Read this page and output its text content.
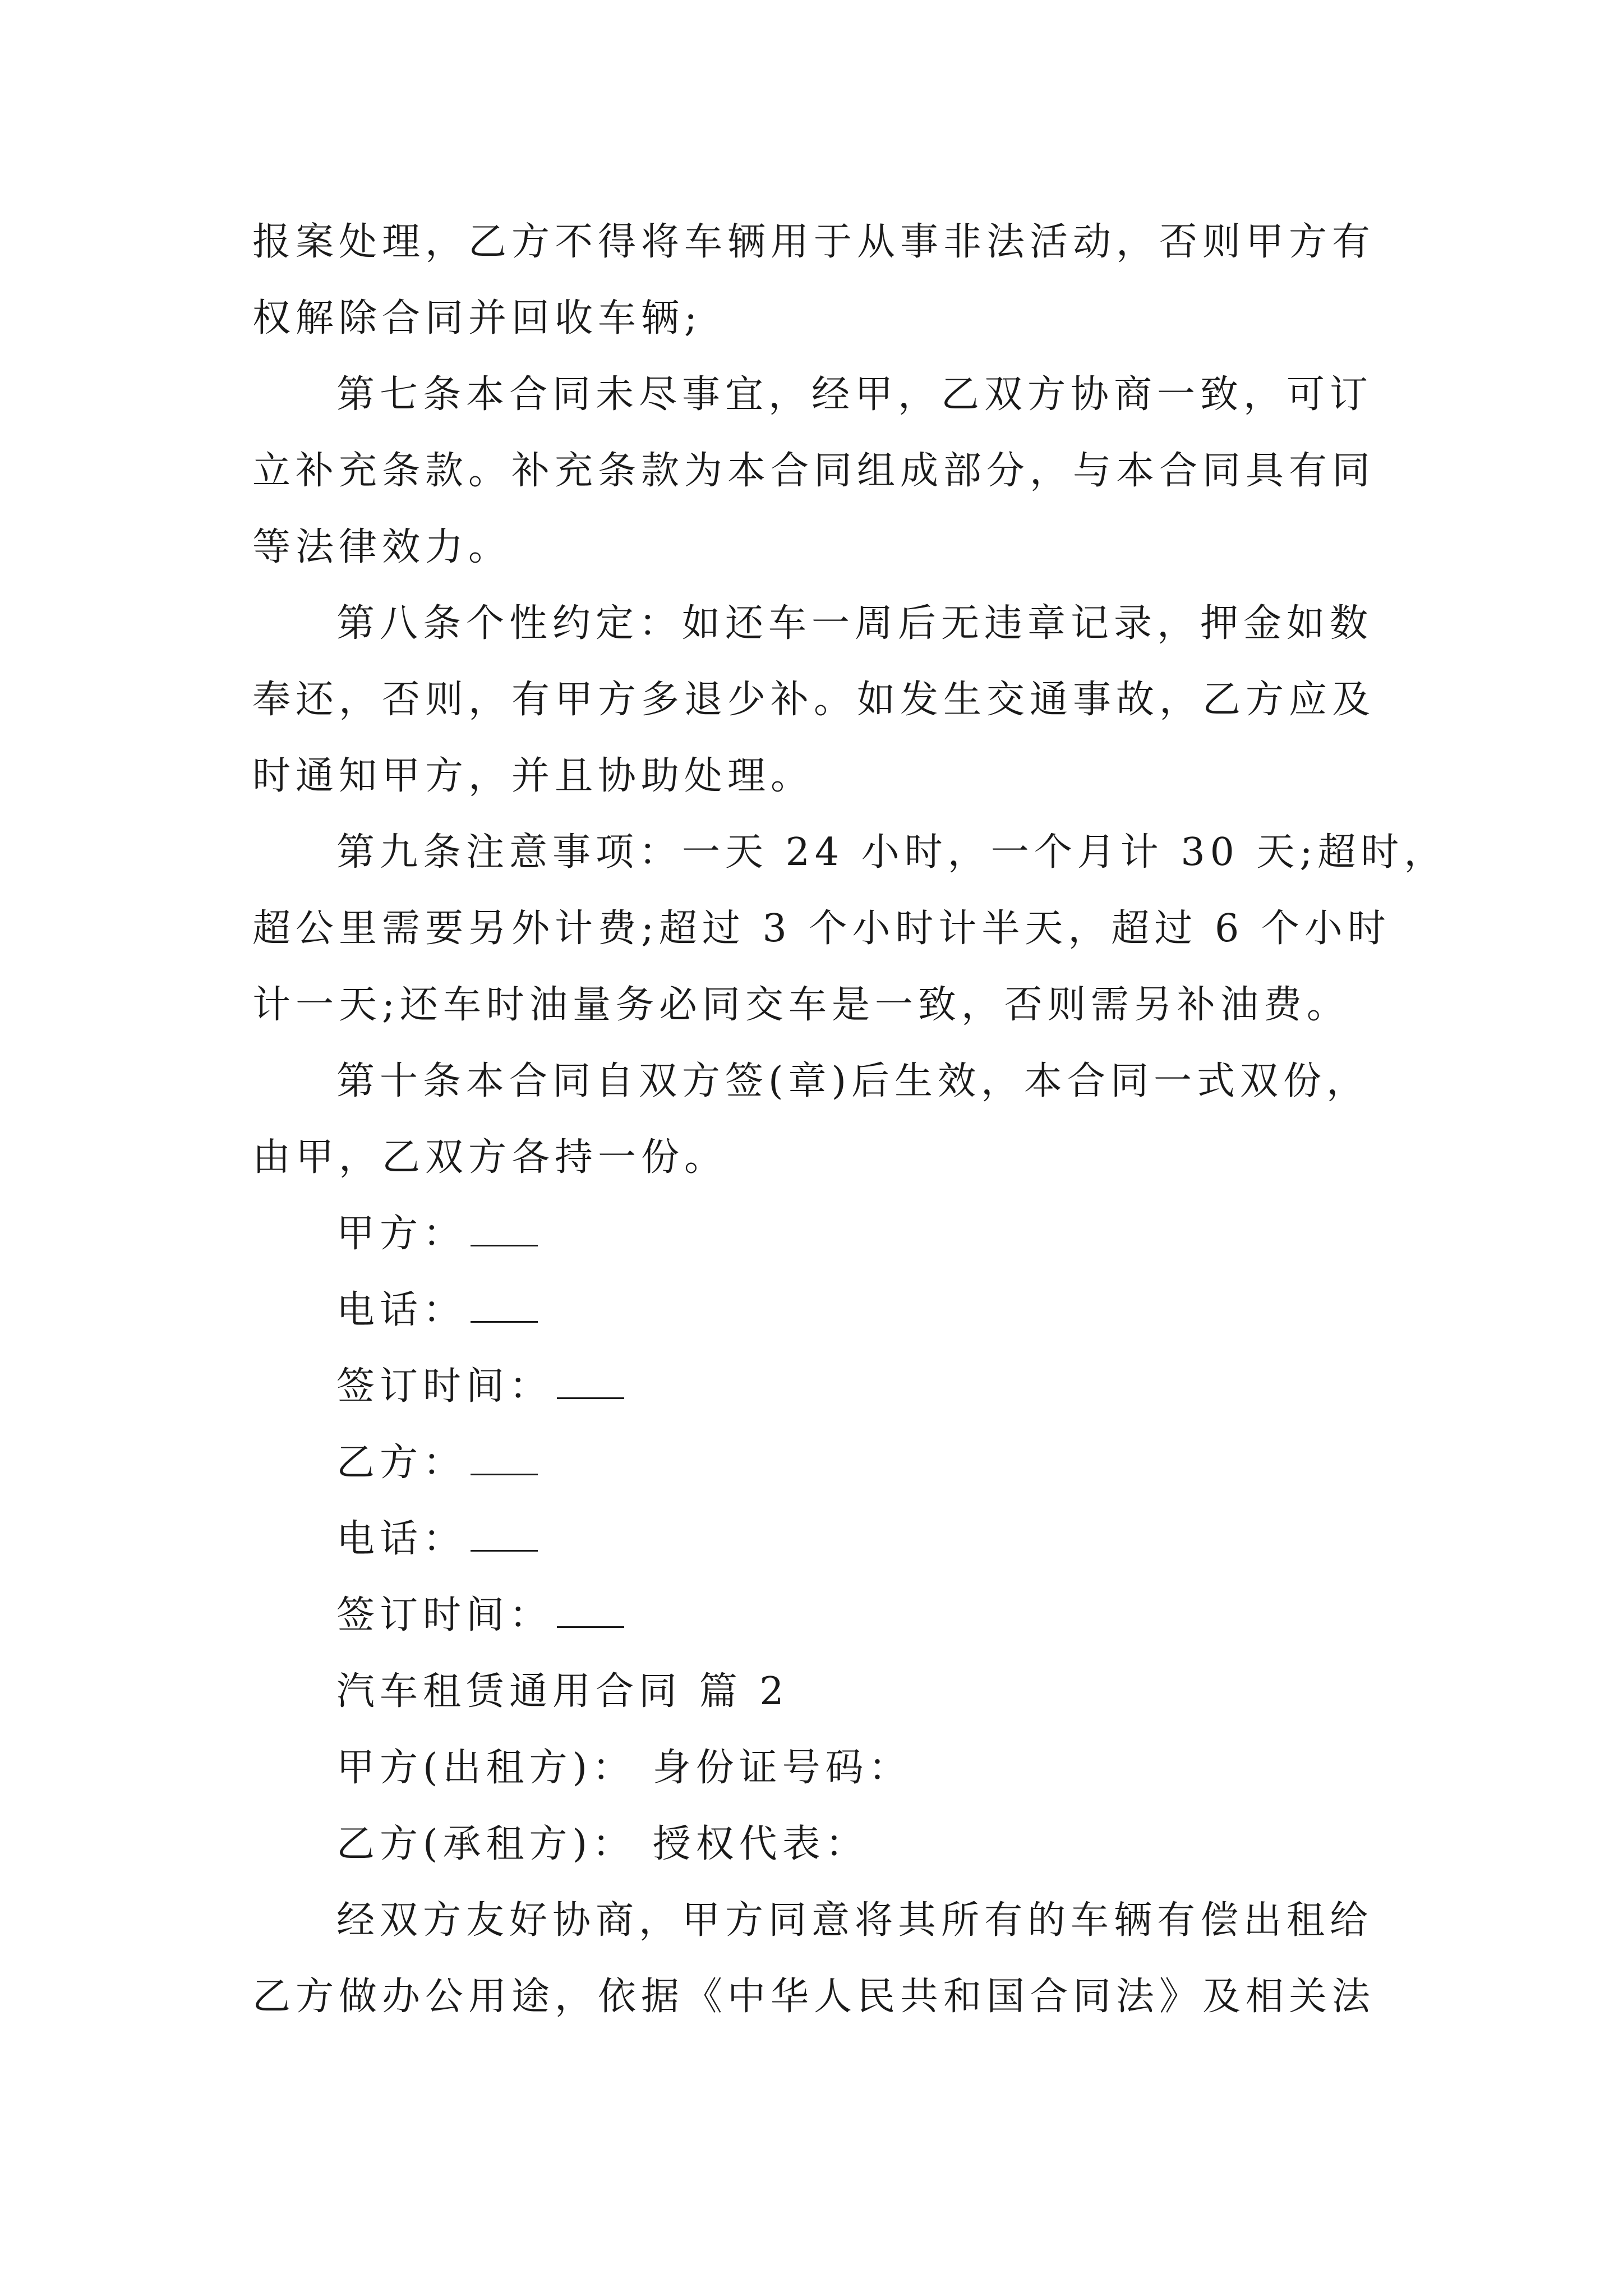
报案处理，乙方不得将车辆用于从事非法活动，否则甲方有
权解除合同并回收车辆;
第七条本合同未尽事宜，经甲，乙双方协商一致，可订
立补充条款。补充条款为本合同组成部分，与本合同具有同
等法律效力。
第八条个性约定：如还车一周后无违章记录，押金如数
奉还，否则，有甲方多退少补。如发生交通事故，乙方应及
时通知甲方，并且协助处理。
第九条注意事项：一天 24 小时，一个月计 30 天;超时，
超公里需要另外计费;超过 3 个小时计半天，超过 6 个小时
计一天;还车时油量务必同交车是一致，否则需另补油费。
第十条本合同自双方签(章)后生效，本合同一式双份，
由甲，乙双方各持一份。
甲方：
电话：
签订时间：
乙方：
电话：
签订时间：
汽车租赁通用合同 篇 2
甲方(出租方)： 身份证号码：
乙方(承租方)： 授权代表：
经双方友好协商，甲方同意将其所有的车辆有偿出租给
乙方做办公用途，依据《中华人民共和国合同法》及相关法
